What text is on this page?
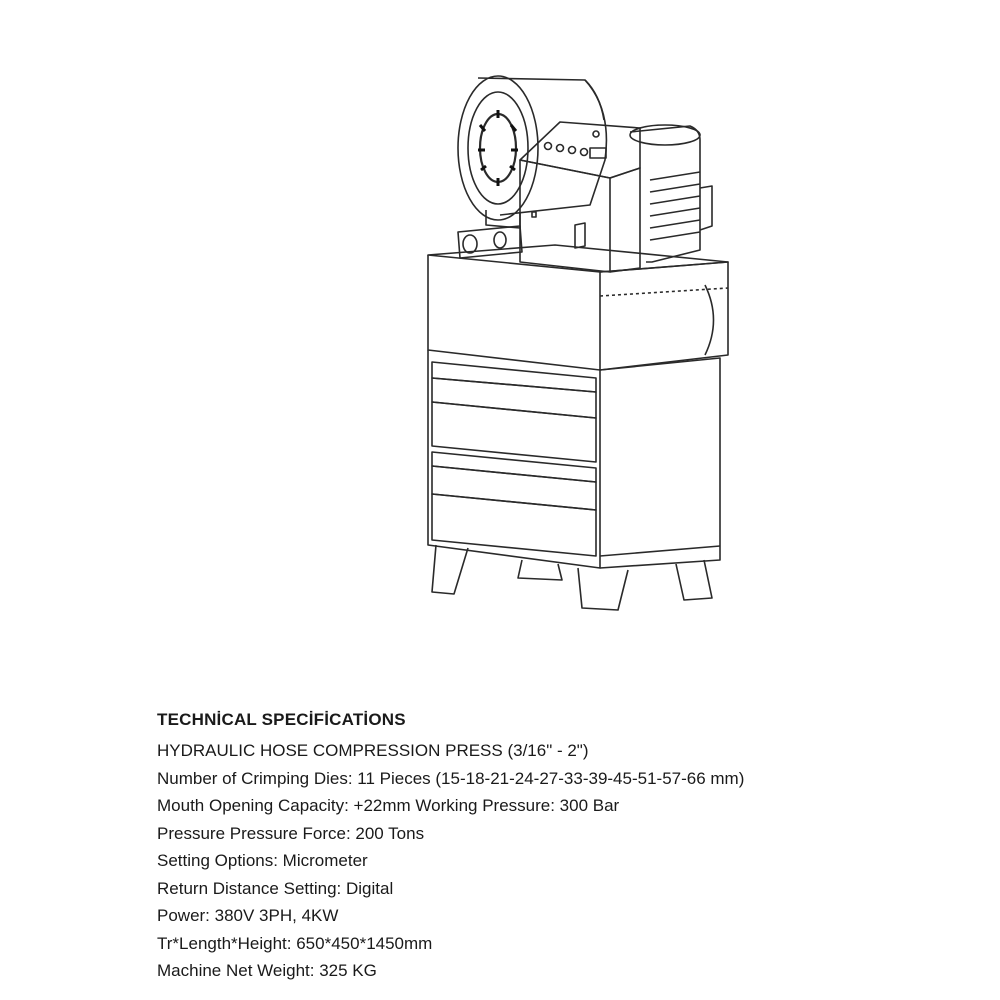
TECHNİCAL SPECİFİCATİONS
HYDRAULIC HOSE COMPRESSION PRESS (3/16" - 2")
Number of Crimping Dies: 11 Pieces (15-18-21-24-27-33-39-45-51-57-66 mm)
Mouth Opening Capacity: +22mm Working Pressure: 300 Bar
Pressure Pressure Force: 200 Tons
Setting Options: Micrometer
Return Distance Setting: Digital
Power: 380V 3PH, 4KW
Tr*Length*Height: 650*450*1450mm
Machine Net Weight: 325 KG
